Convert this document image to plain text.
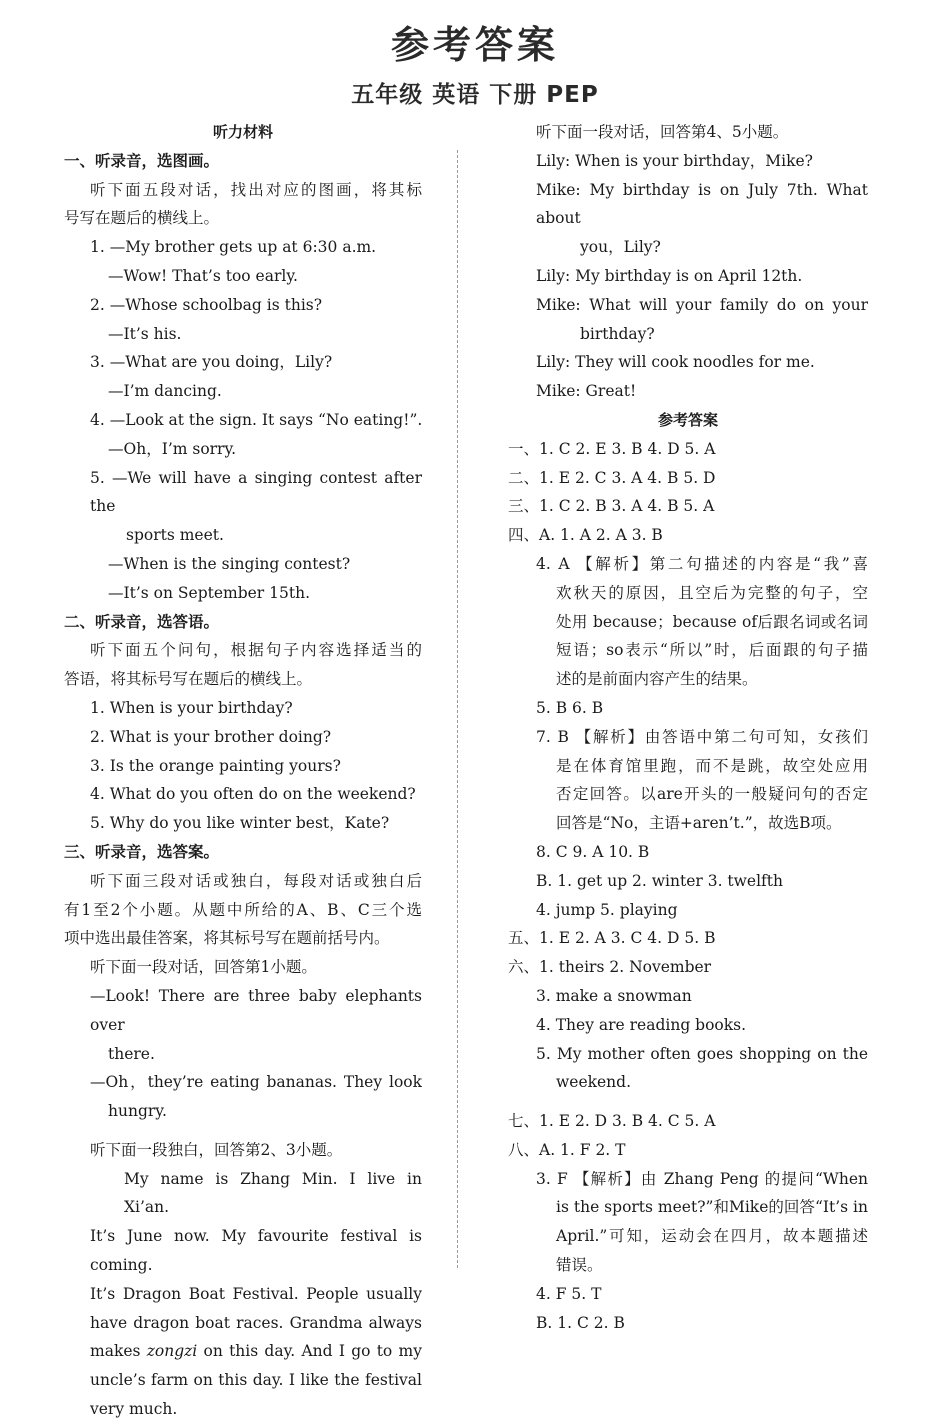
参考答案
五年级 英语 下册 PEP
听力材料
一、听录音，选图画。
听下面五段对话，找出对应的图画，将其标
号写在题后的横线上。
1. —My brother gets up at 6:30 a.m.
—Wow! That’s too early.
2. —Whose schoolbag is this?
—It’s his.
3. —What are you doing，Lily?
—I’m dancing.
4. —Look at the sign. It says “No eating!”.
—Oh，I’m sorry.
5. —We will have a singing contest after the
sports meet.
—When is the singing contest?
—It’s on September 15th.
二、听录音，选答语。
听下面五个问句，根据句子内容选择适当的
答语，将其标号写在题后的横线上。
1. When is your birthday?
2. What is your brother doing?
3. Is the orange painting yours?
4. What do you often do on the weekend?
5. Why do you like winter best，Kate?
三、听录音，选答案。
听下面三段对话或独白，每段对话或独白后
有1至2个小题。从题中所给的A、B、C三个选
项中选出最佳答案，将其标号写在题前括号内。
听下面一段对话，回答第1小题。
—Look! There are three baby elephants over
there.
—Oh，they’re eating bananas. They look
hungry.
听下面一段独白，回答第2、3小题。
My name is Zhang Min. I live in Xi’an.
It’s June now. My favourite festival is coming.
It’s Dragon Boat Festival. People usually
have dragon boat races. Grandma always
makes zongzi on this day. And I go to my
uncle’s farm on this day. I like the festival
very much.
听下面一段对话，回答第4、5小题。
Lily: When is your birthday，Mike?
Mike: My birthday is on July 7th. What about
you，Lily?
Lily: My birthday is on April 12th.
Mike: What will your family do on your
birthday?
Lily: They will cook noodles for me.
Mike: Great!
参考答案
一、1. C 2. E 3. B 4. D 5. A
二、1. E 2. C 3. A 4. B 5. D
三、1. C 2. B 3. A 4. B 5. A
四、A. 1. A 2. A 3. B
4. A 【解析】第二句描述的内容是“我”喜
欢秋天的原因，且空后为完整的句子，空
处用 because；because of后跟名词或名词
短语；so表示“所以”时，后面跟的句子描
述的是前面内容产生的结果。
5. B 6. B
7. B 【解析】由答语中第二句可知，女孩们
是在体育馆里跑，而不是跳，故空处应用
否定回答。以are开头的一般疑问句的否定
回答是“No，主语+aren’t.”，故选B项。
8. C 9. A 10. B
B. 1. get up 2. winter 3. twelfth
4. jump 5. playing
五、1. E 2. A 3. C 4. D 5. B
六、1. theirs 2. November
3. make a snowman
4. They are reading books.
5. My mother often goes shopping on the
weekend.
七、1. E 2. D 3. B 4. C 5. A
八、A. 1. F 2. T
3. F 【解析】由 Zhang Peng 的提问“When
is the sports meet?”和Mike的回答“It’s in
April.”可知，运动会在四月，故本题描述
错误。
4. F 5. T
B. 1. C 2. B
